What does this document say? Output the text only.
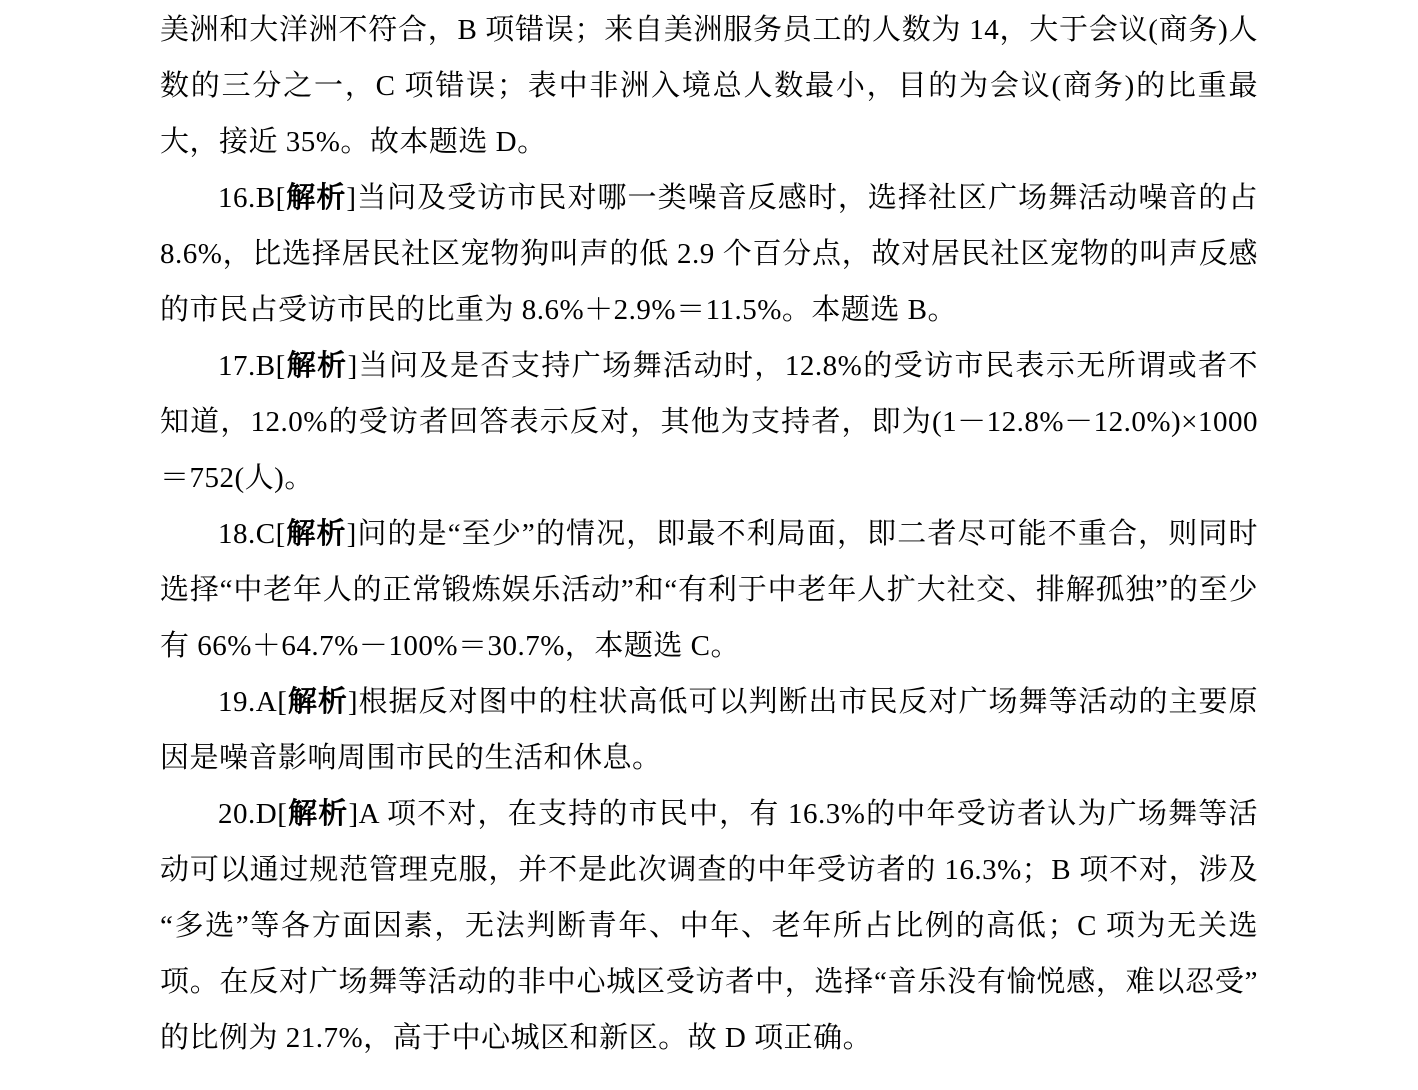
美洲和大洋洲不符合，B 项错误；来自美洲服务员工的人数为 14，大于会议(商务)人数的三分之一，C 项错误；表中非洲入境总人数最小，目的为会议(商务)的比重最大，接近 35%。故本题选 D。

16.B[解析]当问及受访市民对哪一类噪音反感时，选择社区广场舞活动噪音的占 8.6%，比选择居民社区宠物狗叫声的低 2.9 个百分点，故对居民社区宠物的叫声反感的市民占受访市民的比重为 8.6%＋2.9%＝11.5%。本题选 B。

17.B[解析]当问及是否支持广场舞活动时，12.8%的受访市民表示无所谓或者不知道，12.0%的受访者回答表示反对，其他为支持者，即为(1－12.8%－12.0%)×1000＝752(人)。

18.C[解析]问的是“至少”的情况，即最不利局面，即二者尽可能不重合，则同时选择“中老年人的正常锻炼娱乐活动”和“有利于中老年人扩大社交、排解孤独”的至少有 66%＋64.7%－100%＝30.7%，本题选 C。

19.A[解析]根据反对图中的柱状高低可以判断出市民反对广场舞等活动的主要原因是噪音影响周围市民的生活和休息。

20.D[解析]A 项不对，在支持的市民中，有 16.3%的中年受访者认为广场舞等活动可以通过规范管理克服，并不是此次调查的中年受访者的 16.3%；B 项不对，涉及“多选”等各方面因素，无法判断青年、中年、老年所占比例的高低；C 项为无关选项。在反对广场舞等活动的非中心城区受访者中，选择“音乐没有愉悦感，难以忍受”的比例为 21.7%，高于中心城区和新区。故 D 项正确。
